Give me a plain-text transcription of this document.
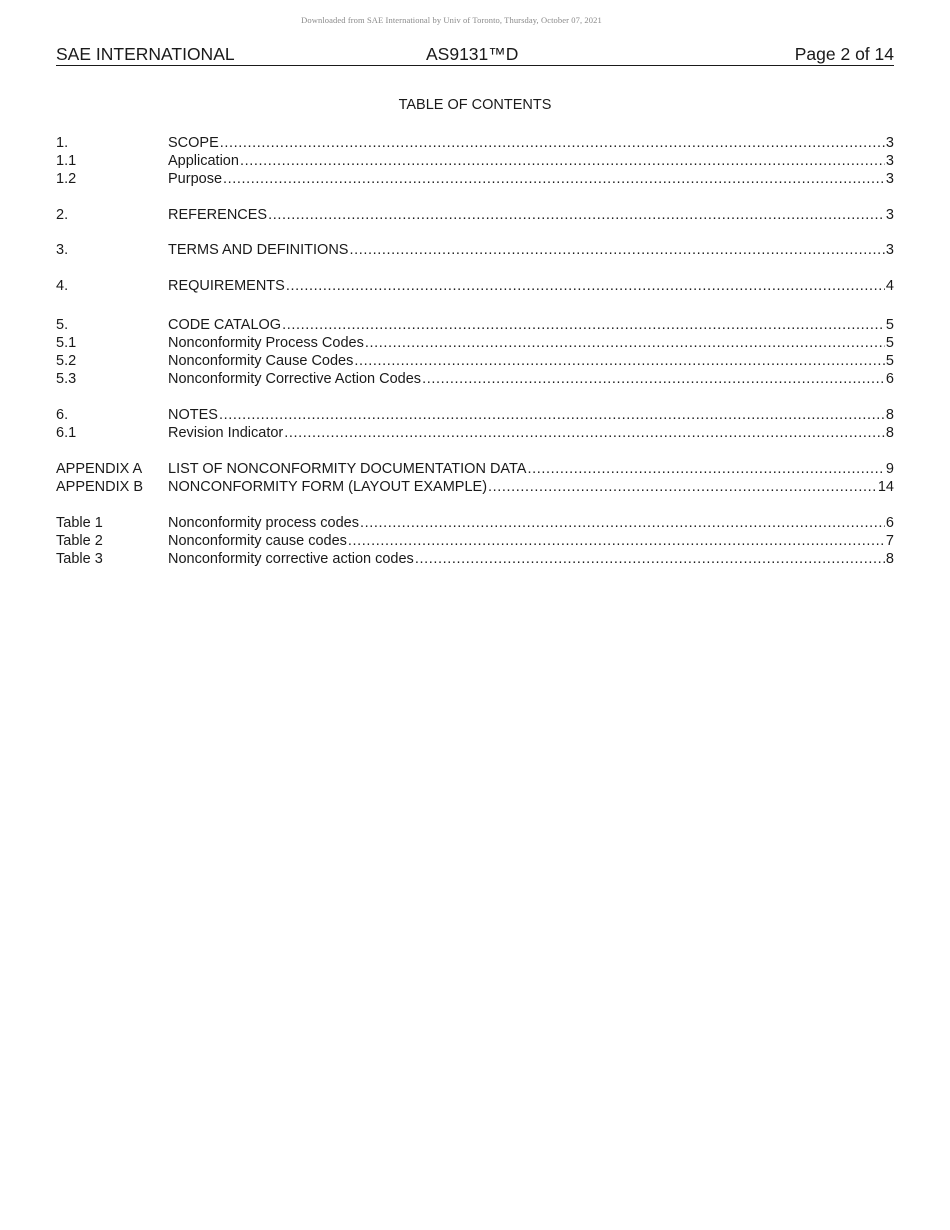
Downloaded from SAE International by Univ of Toronto, Thursday, October 07, 2021
SAE INTERNATIONAL	AS9131™D	Page 2 of 14
TABLE OF CONTENTS
1.	SCOPE .....	3
1.1	Application .....	3
1.2	Purpose .....	3
2.	REFERENCES .....	3
3.	TERMS AND DEFINITIONS .....	3
4.	REQUIREMENTS .....	4
5.	CODE CATALOG .....	5
5.1	Nonconformity Process Codes .....	5
5.2	Nonconformity Cause Codes .....	5
5.3	Nonconformity Corrective Action Codes .....	6
6.	NOTES .....	8
6.1	Revision Indicator .....	8
APPENDIX A LIST OF NONCONFORMITY DOCUMENTATION DATA .....	9
APPENDIX B NONCONFORMITY FORM (LAYOUT EXAMPLE) .....	14
Table 1	Nonconformity process codes .....	6
Table 2	Nonconformity cause codes .....	7
Table 3	Nonconformity corrective action codes .....	8
